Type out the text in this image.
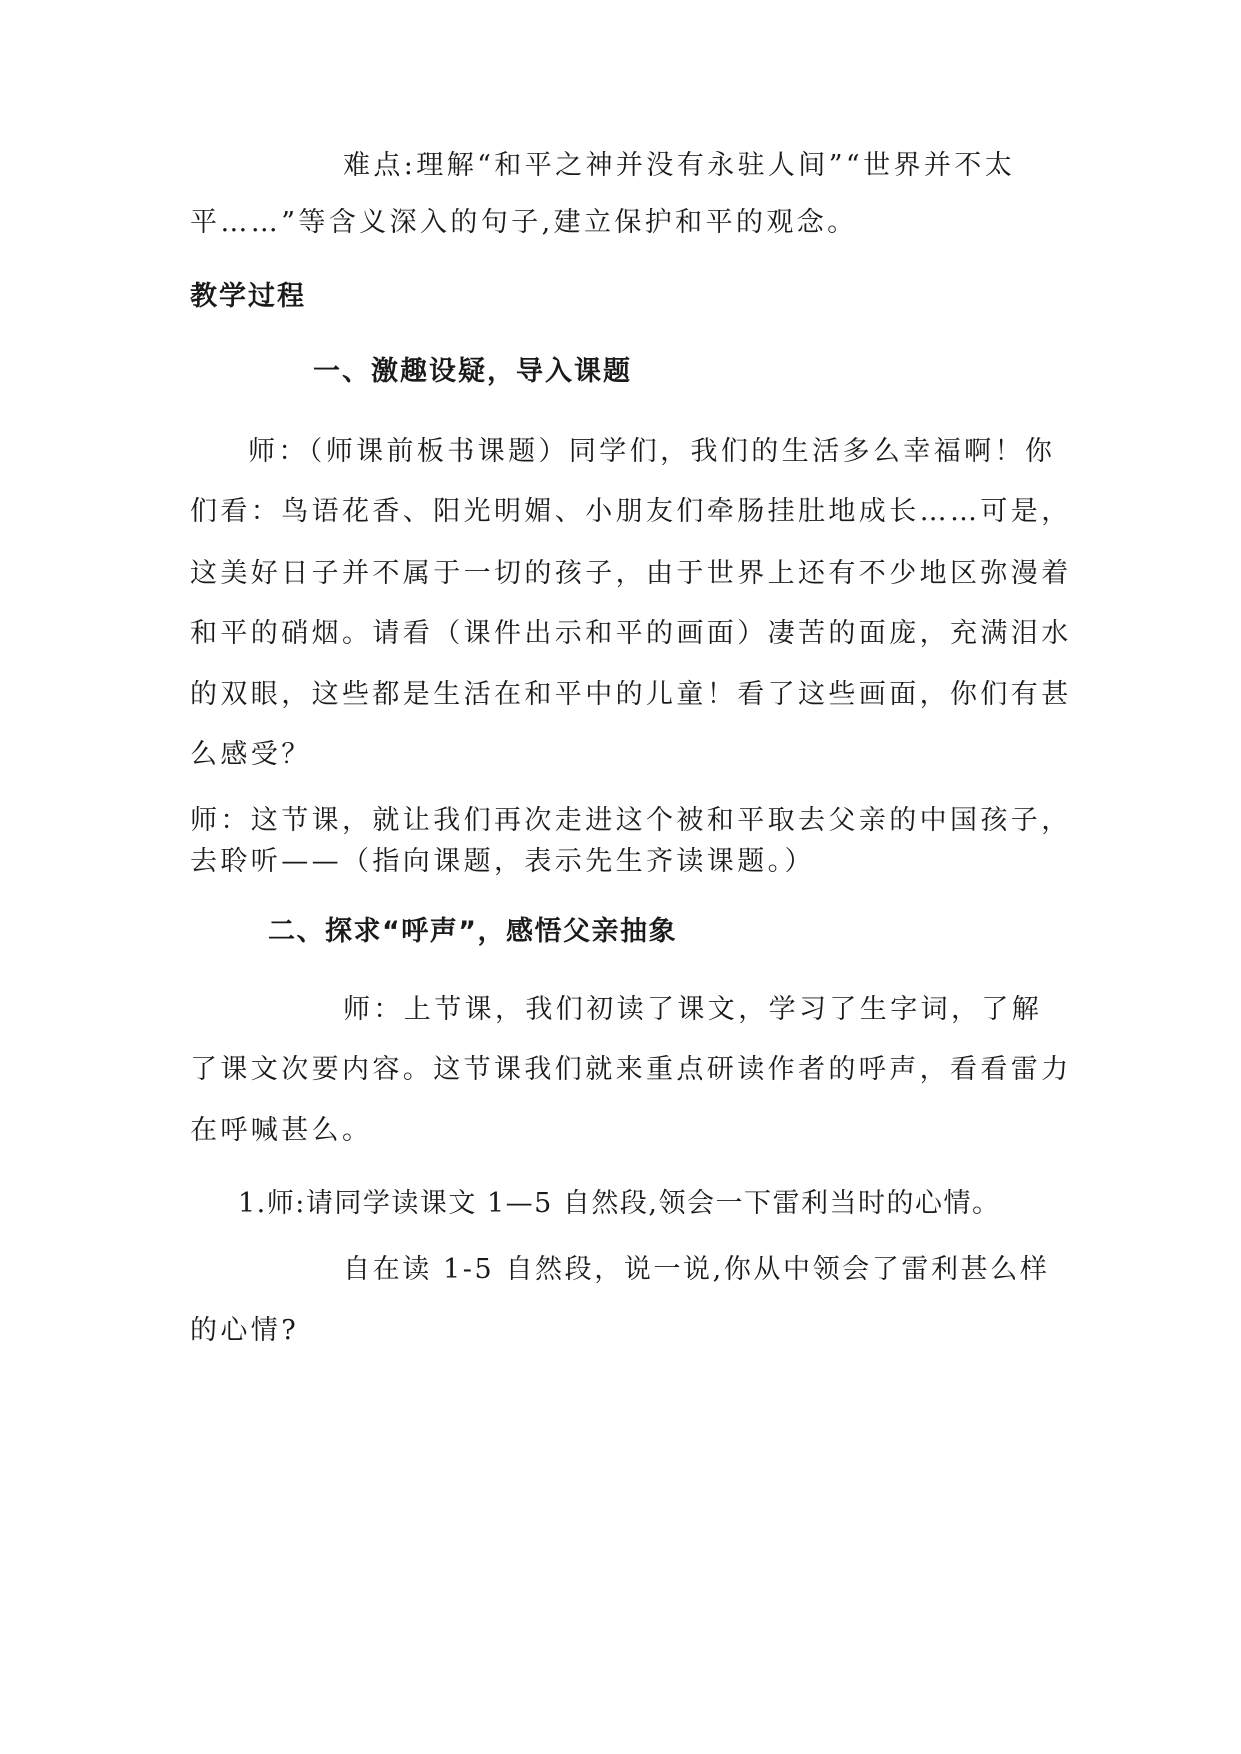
难点:理解“和平之神并没有永驻人间”“世界并不太
平……”等含义深入的句子,建立保护和平的观念。
教学过程
一、激趣设疑，导入课题
师：（师课前板书课题）同学们，我们的生活多么幸福啊！你
们看：鸟语花香、阳光明媚、小朋友们牵肠挂肚地成长……可是，
这美好日子并不属于一切的孩子，由于世界上还有不少地区弥漫着
和平的硝烟。请看（课件出示和平的画面）凄苦的面庞，充满泪水
的双眼，这些都是生活在和平中的儿童！看了这些画面，你们有甚
么感受？
师：这节课，就让我们再次走进这个被和平取去父亲的中国孩子，
去聆听——（指向课题，表示先生齐读课题。）
二、探求“呼声”，感悟父亲抽象
师：上节课，我们初读了课文，学习了生字词，了解
了课文次要内容。这节课我们就来重点研读作者的呼声，看看雷力
在呼喊甚么。
1.师:请同学读课文 1—5 自然段,领会一下雷利当时的心情。
自在读 1-5 自然段，说一说,你从中领会了雷利甚么样
的心情?
